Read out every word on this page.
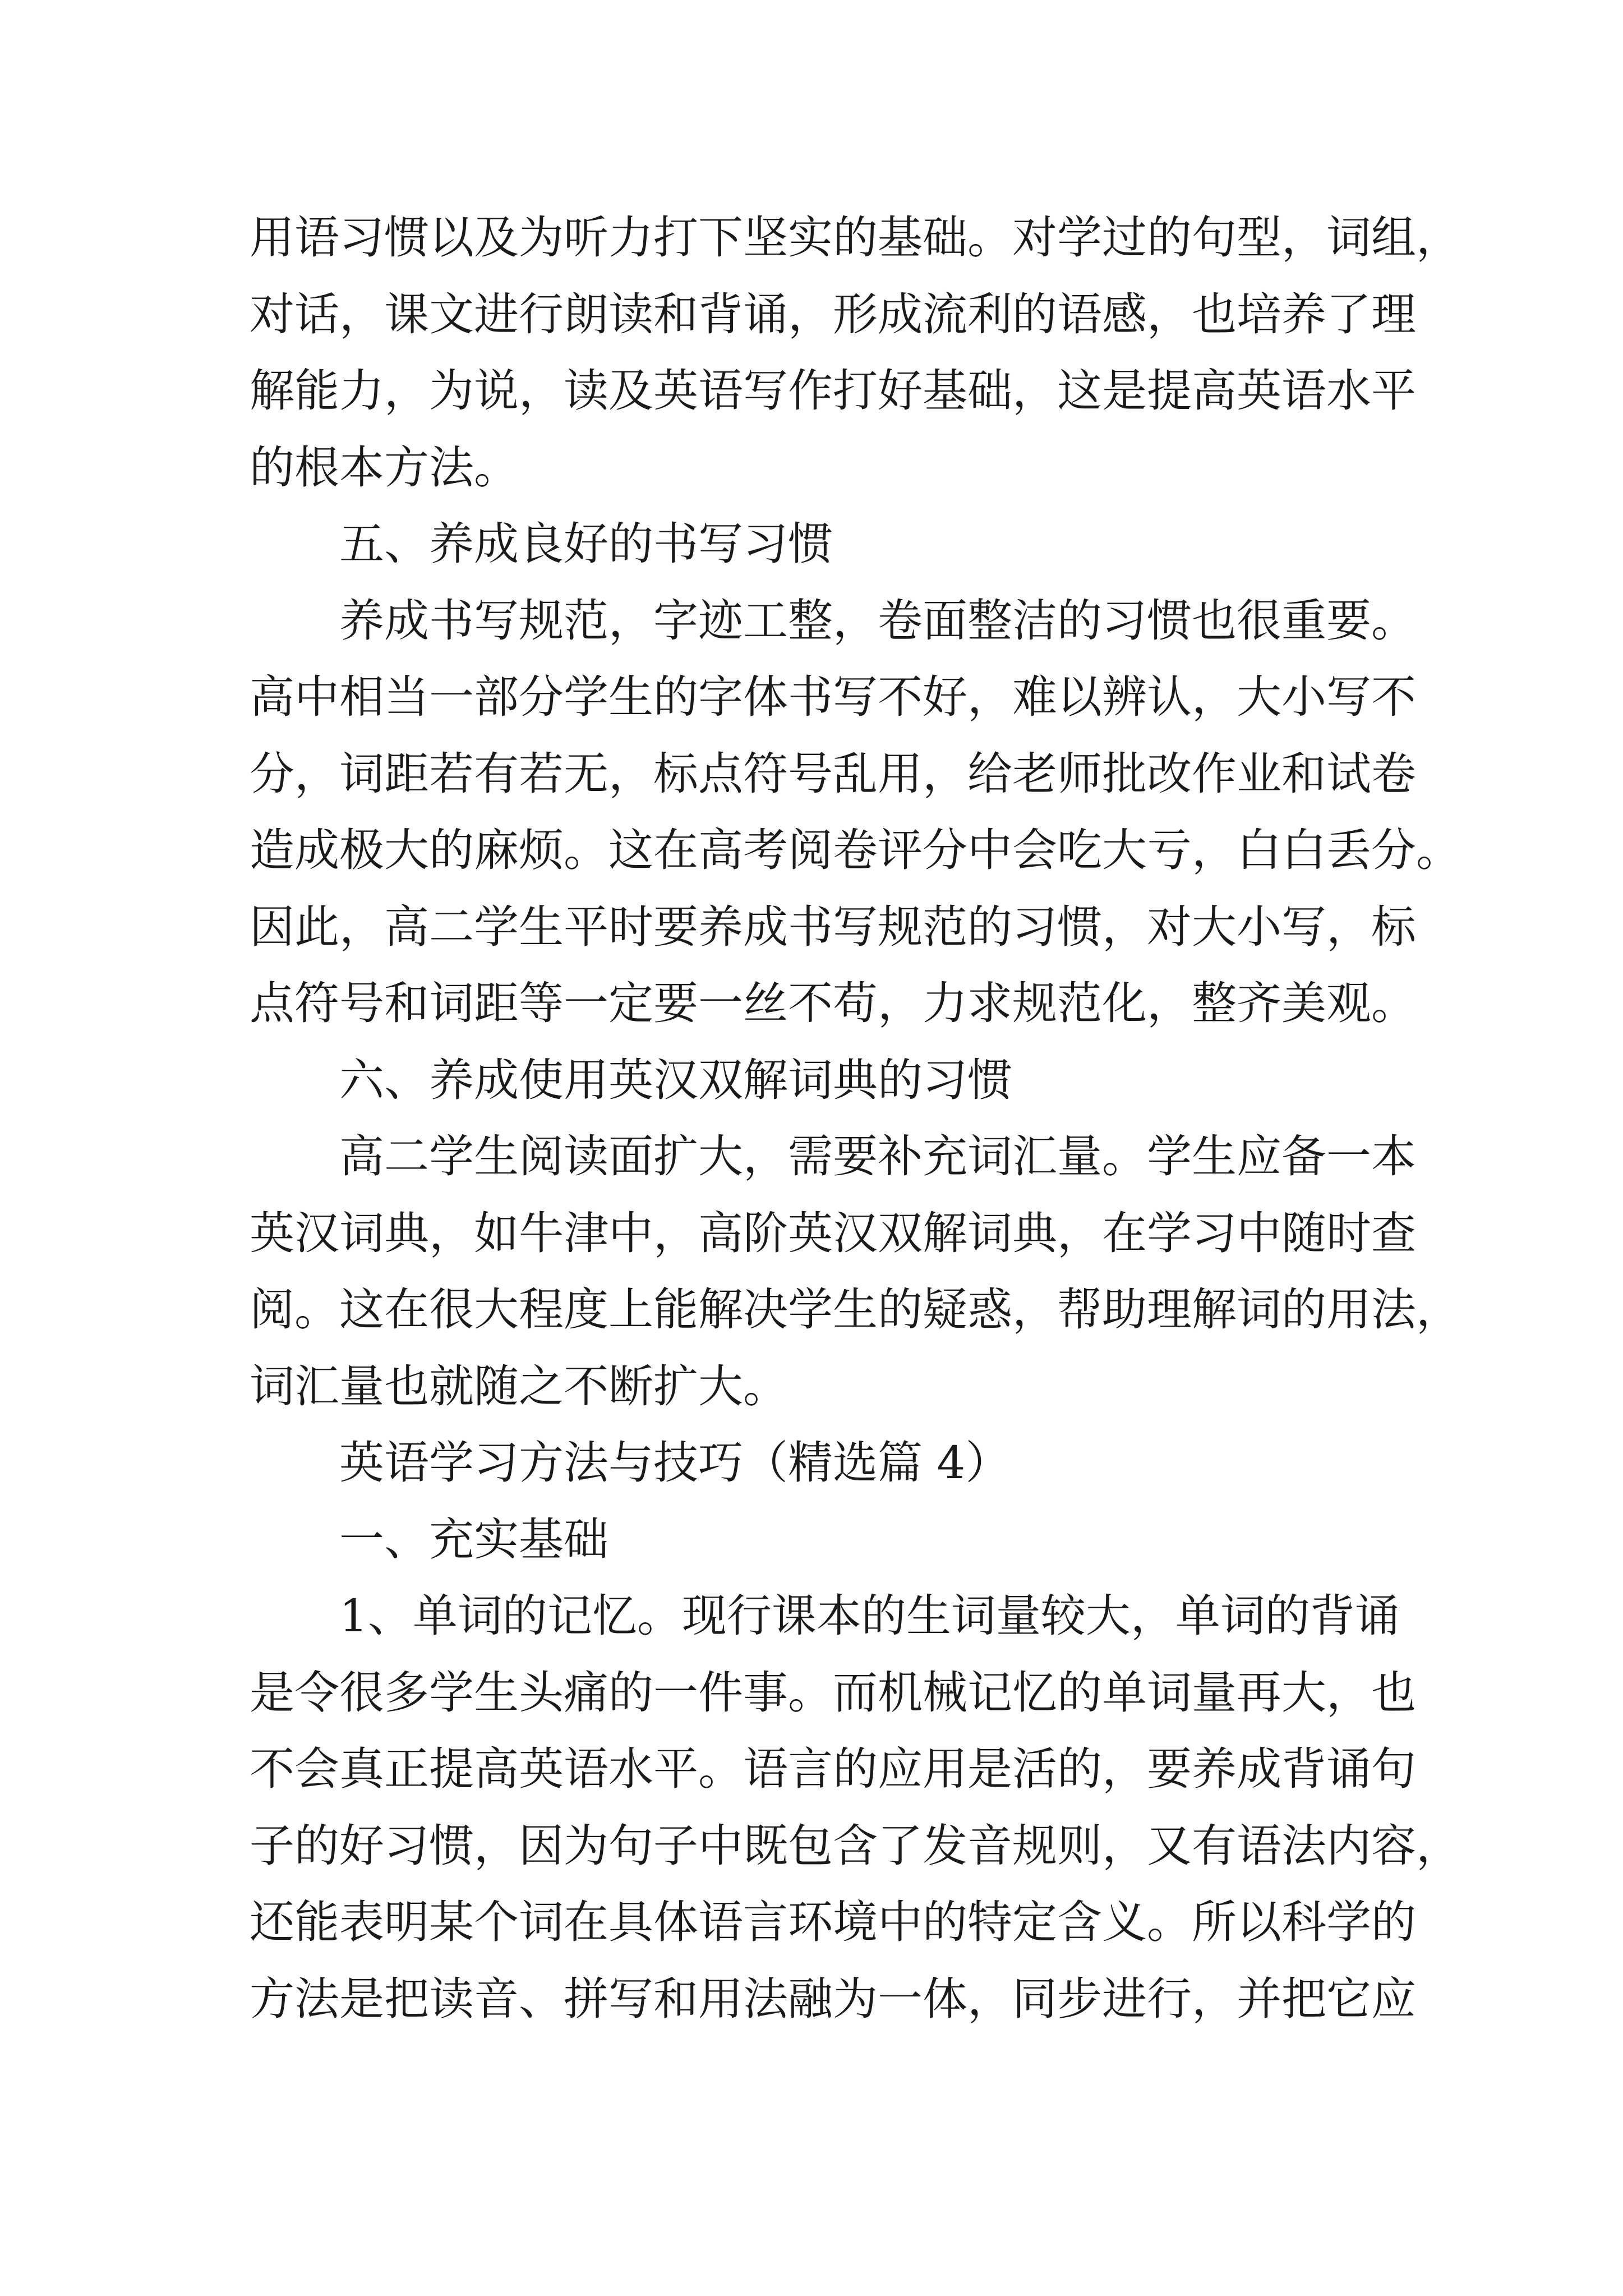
用语习惯以及为听力打下坚实的基础。对学过的句型，词组，
对话，课文进行朗读和背诵，形成流利的语感，也培养了理
解能力，为说，读及英语写作打好基础，这是提高英语水平
的根本方法。
五、养成良好的书写习惯
养成书写规范，字迹工整，卷面整洁的习惯也很重要。
高中相当一部分学生的字体书写不好，难以辨认，大小写不
分，词距若有若无，标点符号乱用，给老师批改作业和试卷
造成极大的麻烦。这在高考阅卷评分中会吃大亏，白白丢分。
因此，高二学生平时要养成书写规范的习惯，对大小写，标
点符号和词距等一定要一丝不苟，力求规范化，整齐美观。
六、养成使用英汉双解词典的习惯
高二学生阅读面扩大，需要补充词汇量。学生应备一本
英汉词典，如牛津中，高阶英汉双解词典，在学习中随时查
阅。这在很大程度上能解决学生的疑惑，帮助理解词的用法，
词汇量也就随之不断扩大。
英语学习方法与技巧（精选篇 4）
一、充实基础
1、单词的记忆。现行课本的生词量较大，单词的背诵
是令很多学生头痛的一件事。而机械记忆的单词量再大，也
不会真正提高英语水平。语言的应用是活的，要养成背诵句
子的好习惯，因为句子中既包含了发音规则，又有语法内容，
还能表明某个词在具体语言环境中的特定含义。所以科学的
方法是把读音、拼写和用法融为一体，同步进行，并把它应
